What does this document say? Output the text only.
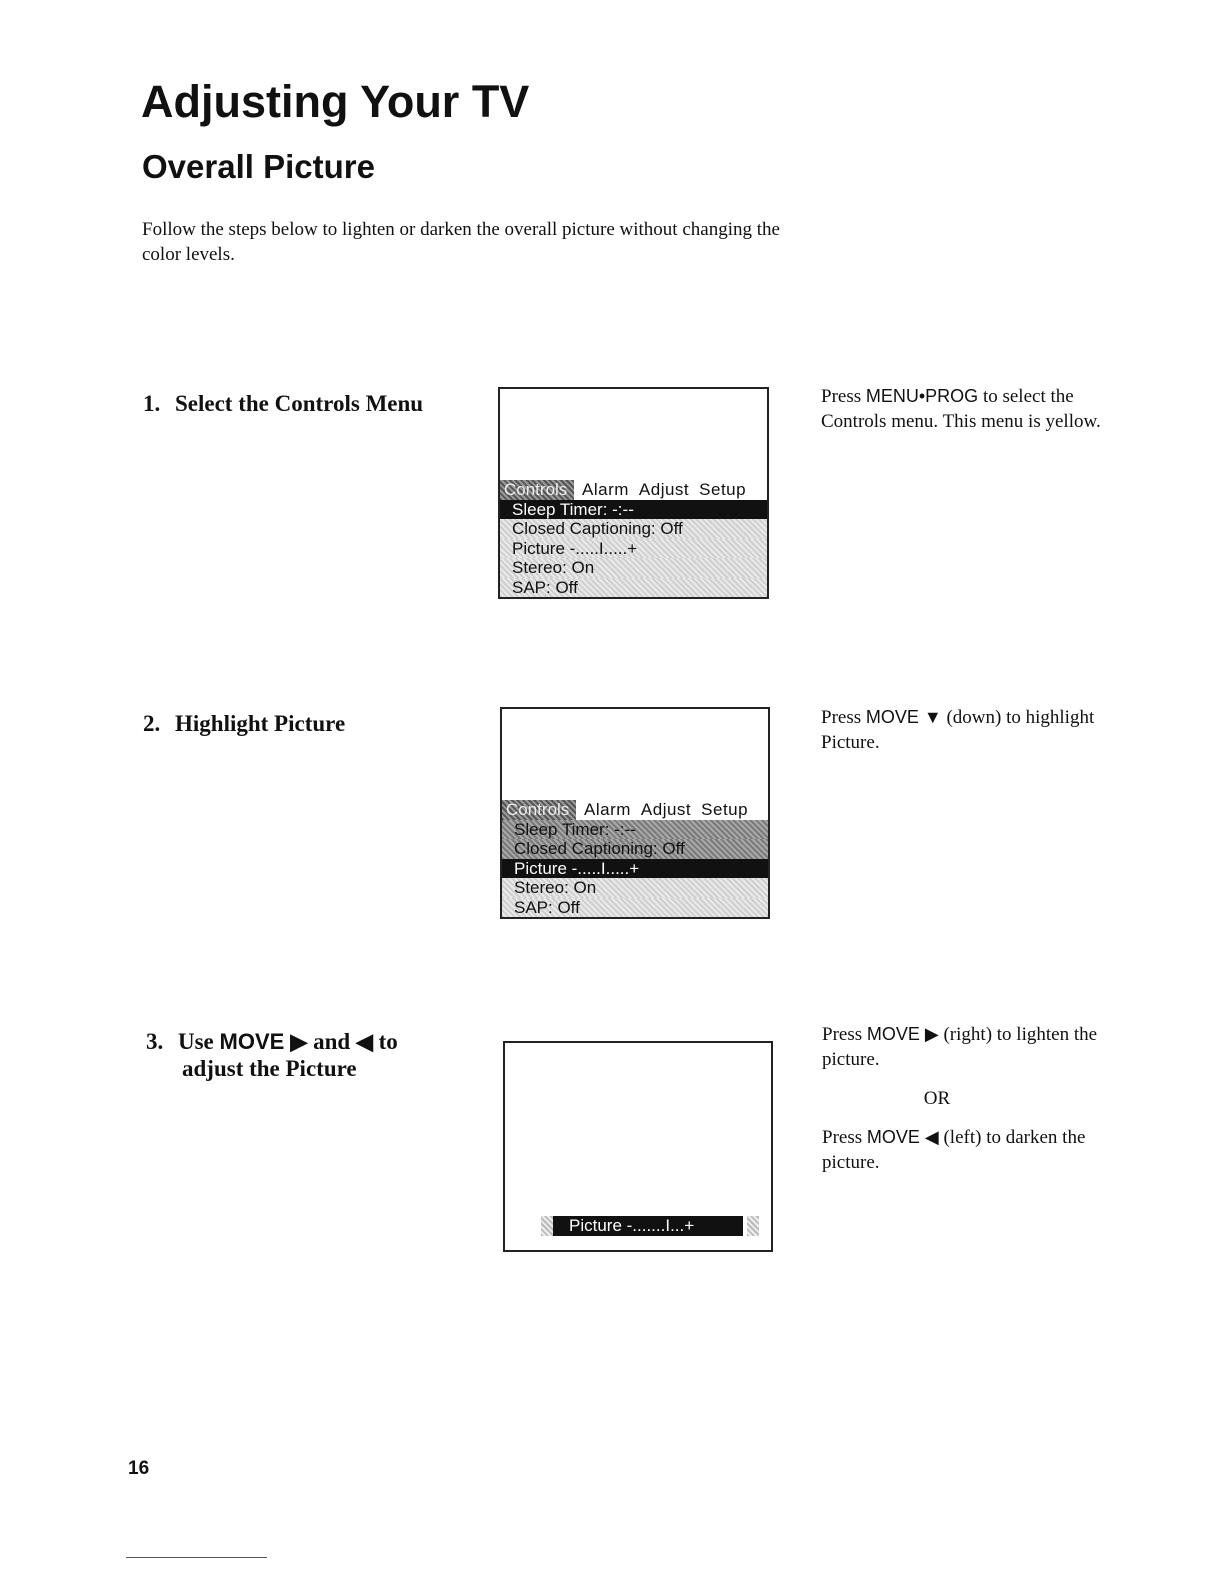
Adjusting Your TV
Overall Picture

Follow the steps below to lighten or darken the overall picture without changing the color levels.

1. Select the Controls Menu
Controls Alarm Adjust Setup
Sleep Timer: -:--
Closed Captioning: Off
Picture -.....I.....+
Stereo: On
SAP: Off
Press MENU•PROG to select the Controls menu. This menu is yellow.
2. Highlight Picture
Controls Alarm Adjust Setup
Sleep Timer: -:--
Closed Captioning: Off
Picture -.....I.....+
Stereo: On
SAP: Off
Press MOVE ▼ (down) to highlight Picture.
3. Use MOVE ▶ and ◀ to
adjust the Picture
Picture -.......I...+

Press MOVE ▶ (right) to lighten the picture.

OR

Press MOVE ◀ (left) to darken the picture.

16
